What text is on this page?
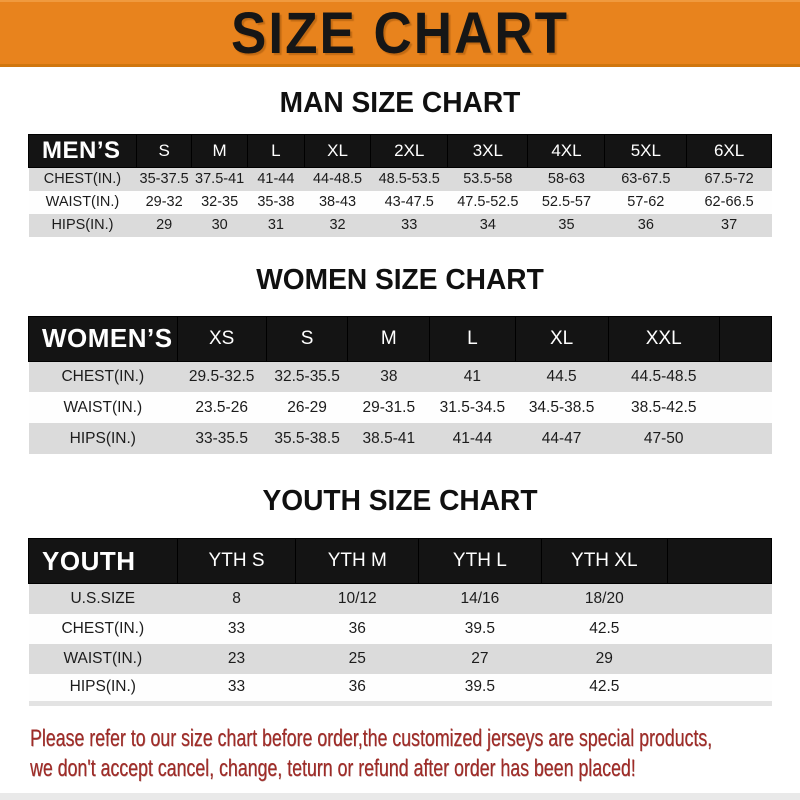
SIZE CHART
MAN SIZE CHART
MEN’S	S	M	L	XL	2XL	3XL	4XL	5XL	6XL
CHEST(IN.)	35-37.5	37.5-41	41-44	44-48.5	48.5-53.5	53.5-58	58-63	63-67.5	67.5-72
WAIST(IN.)	29-32	32-35	35-38	38-43	43-47.5	47.5-52.5	52.5-57	57-62	62-66.5
HIPS(IN.)	29	30	31	32	33	34	35	36	37
WOMEN SIZE CHART
WOMEN’S	XS	S	M	L	XL	XXL	
CHEST(IN.)	29.5-32.5	32.5-35.5	38	41	44.5	44.5-48.5	
WAIST(IN.)	23.5-26	26-29	29-31.5	31.5-34.5	34.5-38.5	38.5-42.5	
HIPS(IN.)	33-35.5	35.5-38.5	38.5-41	41-44	44-47	47-50	
YOUTH SIZE CHART
YOUTH	YTH S	YTH M	YTH L	YTH XL	
U.S.SIZE	8	10/12	14/16	18/20	
CHEST(IN.)	33	36	39.5	42.5	
WAIST(IN.)	23	25	27	29	
HIPS(IN.)	33	36	39.5	42.5	
Please refer to our size chart before order,the customized jerseys are special products,
we don't accept cancel, change, teturn or refund after order has been placed!
